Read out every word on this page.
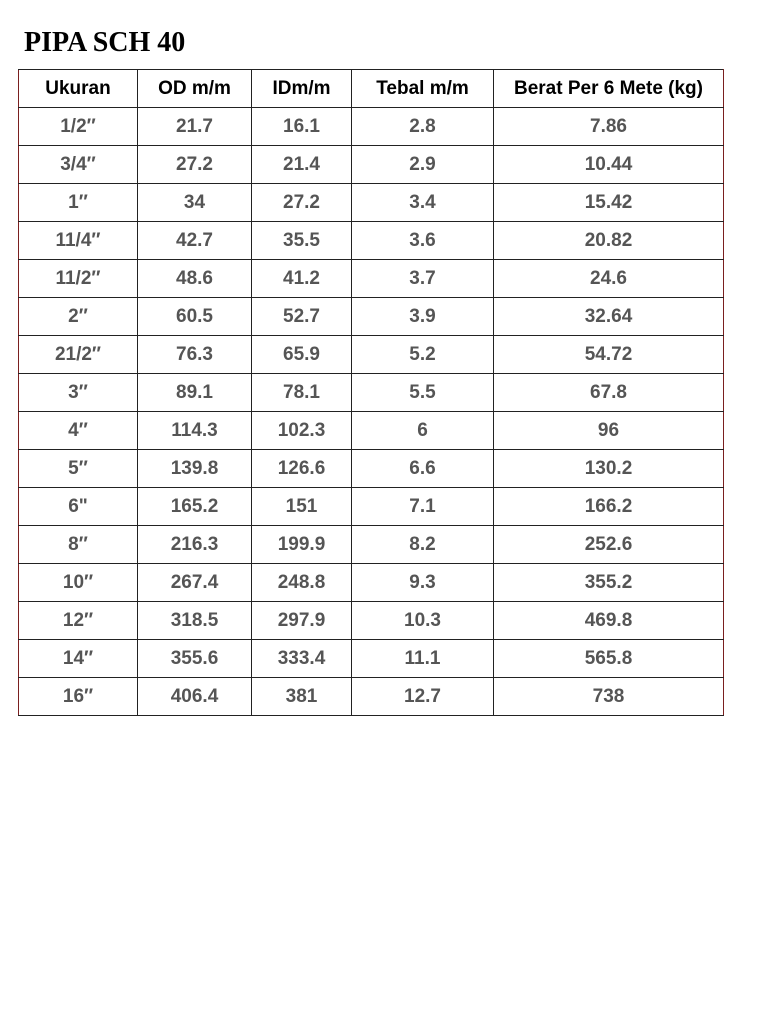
PIPA SCH 40
Ukuran	OD m/m	IDm/m	Tebal m/m	Berat Per 6 Mete (kg)
1/2″	21.7	16.1	2.8	7.86
3/4″	27.2	21.4	2.9	10.44
1″	34	27.2	3.4	15.42
11/4″	42.7	35.5	3.6	20.82
11/2″	48.6	41.2	3.7	24.6
2″	60.5	52.7	3.9	32.64
21/2″	76.3	65.9	5.2	54.72
3″	89.1	78.1	5.5	67.8
4″	114.3	102.3	6	96
5″	139.8	126.6	6.6	130.2
6"	165.2	151	7.1	166.2
8″	216.3	199.9	8.2	252.6
10″	267.4	248.8	9.3	355.2
12″	318.5	297.9	10.3	469.8
14″	355.6	333.4	11.1	565.8
16″	406.4	381	12.7	738
